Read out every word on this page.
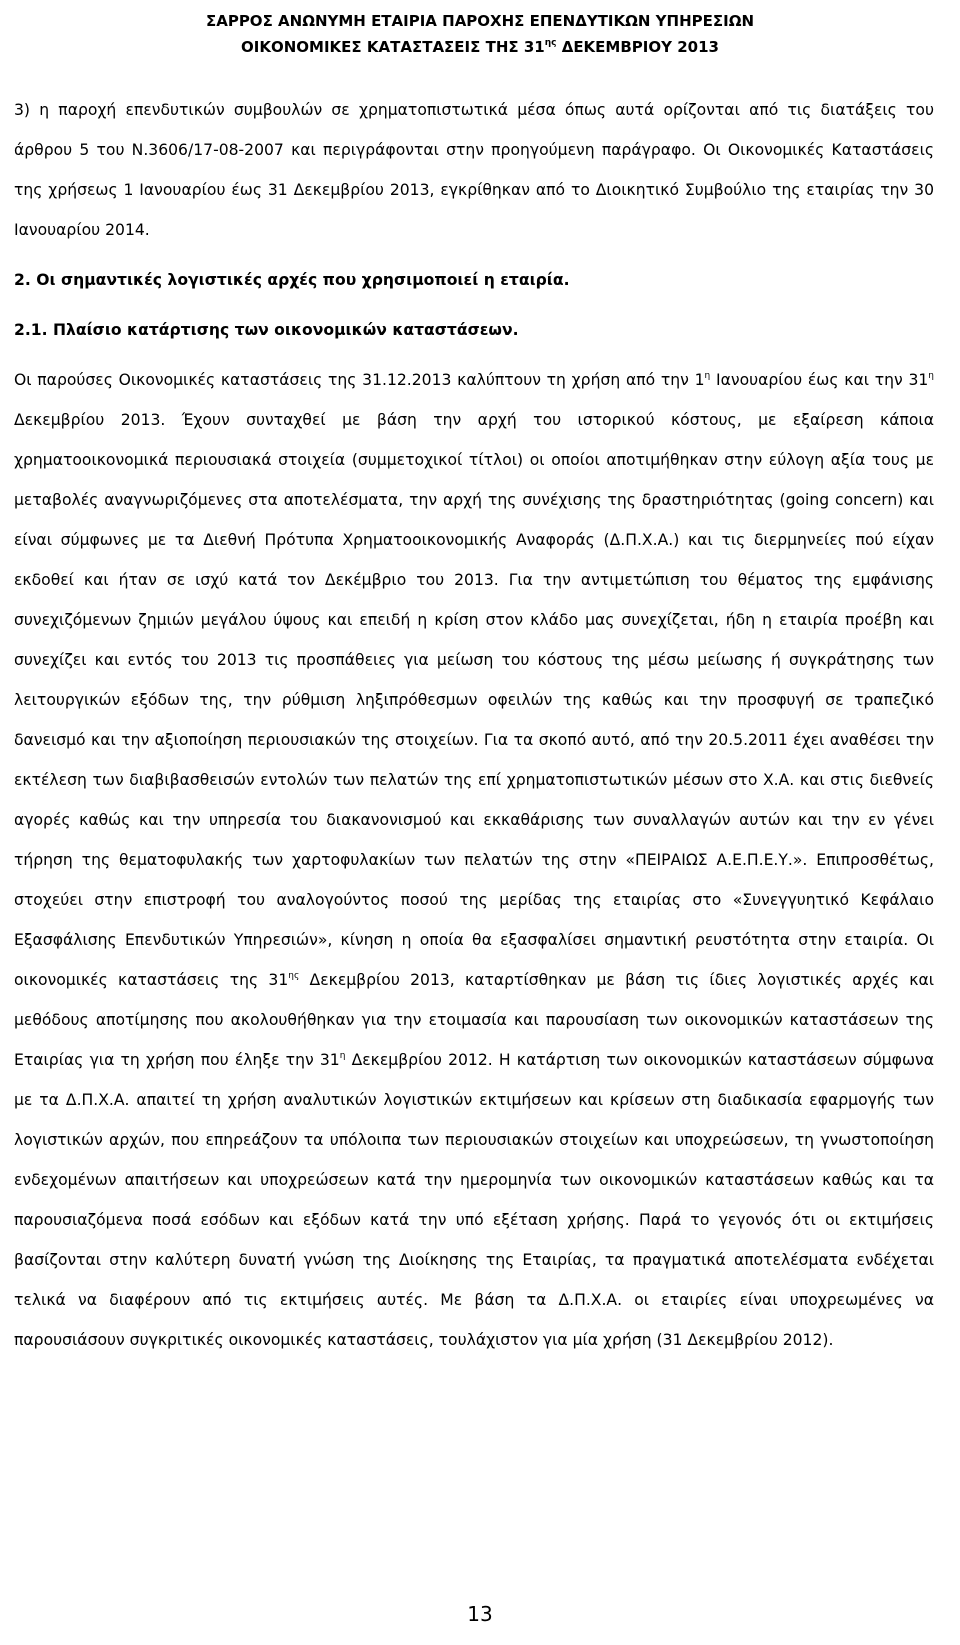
ΣΑΡΡΟΣ ΑΝΩΝΥΜΗ ΕΤΑΙΡΙΑ ΠΑΡΟΧΗΣ ΕΠΕΝΔΥΤΙΚΩΝ ΥΠΗΡΕΣΙΩΝ
ΟΙΚΟΝΟΜΙΚΕΣ ΚΑΤΑΣΤΑΣΕΙΣ ΤΗΣ $31^{\eta\varsigma}$ ΔΕΚΕΜΒΡΙΟΥ 2013

3) η παροχή επενδυτικών συμβουλών σε χρηματοπιστωτικά μέσα όπως αυτά ορίζονται από τις διατάξεις του άρθρου 5 του Ν.3606/17-08-2007 και περιγράφονται στην προηγούμενη παράγραφο. Οι Οικονομικές Καταστάσεις της χρήσεως 1 Ιανουαρίου έως 31 Δεκεμβρίου 2013, εγκρίθηκαν από το Διοικητικό Συμβούλιο της εταιρίας την 30 Ιανουαρίου 2014.

2. Οι σημαντικές λογιστικές αρχές που χρησιμοποιεί η εταιρία.

2.1. Πλαίσιο κατάρτισης των οικονομικών καταστάσεων.

Οι παρούσες Οικονομικές καταστάσεις της 31.12.2013 καλύπτουν τη χρήση από την $1^\eta$ Ιανουαρίου έως και την $31^\eta$ Δεκεμβρίου 2013. Έχουν συνταχθεί με βάση την αρχή του ιστορικού κόστους, με εξαίρεση κάποια χρηματοοικονομικά περιουσιακά στοιχεία (συμμετοχικοί τίτλοι) οι οποίοι αποτιμήθηκαν στην εύλογη αξία τους με μεταβολές αναγνωριζόμενες στα αποτελέσματα, την αρχή της συνέχισης της δραστηριότητας (going concern) και είναι σύμφωνες με τα Διεθνή Πρότυπα Χρηματοοικονομικής Αναφοράς (Δ.Π.Χ.Α.) και τις διερμηνείες πού είχαν εκδοθεί και ήταν σε ισχύ κατά τον Δεκέμβριο του 2013. Για την αντιμετώπιση του θέματος της εμφάνισης συνεχιζόμενων ζημιών μεγάλου ύψους και επειδή η κρίση στον κλάδο μας συνεχίζεται, ήδη η εταιρία προέβη και συνεχίζει και εντός του 2013 τις προσπάθειες για μείωση του κόστους της μέσω μείωσης ή συγκράτησης των λειτουργικών εξόδων της, την ρύθμιση ληξιπρόθεσμων οφειλών της καθώς και την προσφυγή σε τραπεζικό δανεισμό και την αξιοποίηση περιουσιακών της στοιχείων. Για τα σκοπό αυτό, από την 20.5.2011 έχει αναθέσει την εκτέλεση των διαβιβασθεισών εντολών των πελατών της επί χρηματοπιστωτικών μέσων στο Χ.Α. και στις διεθνείς αγορές καθώς και την υπηρεσία του διακανονισμού και εκκαθάρισης των συναλλαγών αυτών και την εν γένει τήρηση της θεματοφυλακής των χαρτοφυλακίων των πελατών της στην «ΠΕΙΡΑΙΩΣ Α.Ε.Π.Ε.Υ.». Επιπροσθέτως, στοχεύει στην επιστροφή του αναλογούντος ποσού της μερίδας της εταιρίας στο «Συνεγγυητικό Κεφάλαιο Εξασφάλισης Επενδυτικών Υπηρεσιών», κίνηση η οποία θα εξασφαλίσει σημαντική ρευστότητα στην εταιρία. Οι οικονομικές καταστάσεις της $31^{\eta\varsigma}$ Δεκεμβρίου 2013, καταρτίσθηκαν με βάση τις ίδιες λογιστικές αρχές και μεθόδους αποτίμησης που ακολουθήθηκαν για την ετοιμασία και παρουσίαση των οικονομικών καταστάσεων της Εταιρίας για τη χρήση που έληξε την $31^\eta$ Δεκεμβρίου 2012. Η κατάρτιση των οικονομικών καταστάσεων σύμφωνα με τα Δ.Π.Χ.Α. απαιτεί τη χρήση αναλυτικών λογιστικών εκτιμήσεων και κρίσεων στη διαδικασία εφαρμογής των λογιστικών αρχών, που επηρεάζουν τα υπόλοιπα των περιουσιακών στοιχείων και υποχρεώσεων, τη γνωστοποίηση ενδεχομένων απαιτήσεων και υποχρεώσεων κατά την ημερομηνία των οικονομικών καταστάσεων καθώς και τα παρουσιαζόμενα ποσά εσόδων και εξόδων κατά την υπό εξέταση χρήσης. Παρά το γεγονός ότι οι εκτιμήσεις βασίζονται στην καλύτερη δυνατή γνώση της Διοίκησης της Εταιρίας, τα πραγματικά αποτελέσματα ενδέχεται τελικά να διαφέρουν από τις εκτιμήσεις αυτές. Με βάση τα Δ.Π.Χ.Α. οι εταιρίες είναι υποχρεωμένες να παρουσιάσουν συγκριτικές οικονομικές καταστάσεις, τουλάχιστον για μία χρήση (31 Δεκεμβρίου 2012).

13
